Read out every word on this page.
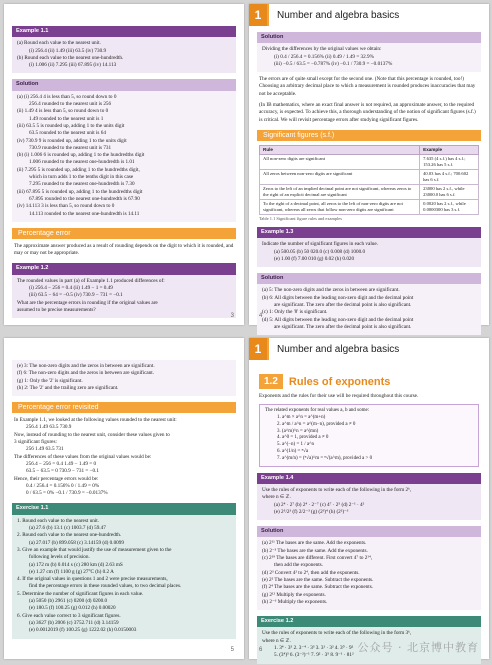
Example 1.1
(a) Round each value to the nearest unit.
(i) 256.4 (ii) 1.49 (iii) 63.5 (iv) 730.9
(b) Round each value to the nearest one-hundredth.
(i) 1.006 (ii) 7.295 (iii) 67.895 (iv) 14.113
Solution
(a) (i) 256.4 4 is less than 5, so round down to 0
256.4 rounded to the nearest unit is 256
(ii) 1.49 4 is less than 5, so round down to 0
1.49 rounded to the nearest unit is 1
(iii) 63.5 5 is rounded up, adding 1 to the units digit
63.5 rounded to the nearest unit is 64
(iv) 730.9 9 is rounded up, adding 1 to the units digit
730.9 rounded to the nearest unit is 731
(b) (i) 1.006 6 is rounded up, adding 1 to the hundredths digit
1.006 rounded to the nearest one-hundredth is 1.01
(ii) 7.295 5 is rounded up, adding 1 to the hundredths digit,
which in turn adds 1 to the tenths digit in this case
7.295 rounded to the nearest one-hundredth is 7.30
(iii) 67.895 5 is rounded up, adding 1 to the hundredths digit
67.895 rounded to the nearest one-hundredth is 67.90
(iv) 14.113 3 is less than 5, so round down to 0
14.113 rounded to the nearest one-hundredth is 14.11
Percentage error
The approximate answer produced as a result of rounding depends on the digit to which it is rounded, and may or may not be appropriate.
Example 1.2
The rounded values in part (a) of Example 1.1 produced differences of:
(i) 256.4 − 256 = 0.4 (ii) 1.49 − 1 = 0.49
(iii) 63.5 − 64 = −0.5 (iv) 730.9 − 731 = −0.1
What are the percentage errors in rounding if the original values are
assumed to be precise measurements?
3
1	Number and algebra basics
Solution
Dividing the differences by the original values we obtain:
(i) 0.4 / 256.4 = 0.156% (ii) 0.49 / 1.49 = 32.9%
(iii) −0.5 / 63.5 = −0.787% (iv) −0.1 / 730.9 = −0.0137%
The errors are of quite small except for the second one. (Note that this percentage is rounded, too!) Choosing an arbitrary decimal place to which a measurement is rounded produces inaccuracies that may not be acceptable.
(In IB mathematics, where an exact final answer is not required, an approximate answer, to the required accuracy, is expected. To achieve this, a thorough understanding of the notion of significant figures (s.f.) is critical. We will revisit percentage errors after studying significant figures.
Significant figures (s.f.)
Rule	Example
All non-zero digits are significant	7.635 (4 s.f.) has 4 s.f.; 153.26 has 5 s.f.
All zeros between non-zero digits are significant	40.03 has 4 s.f.; 700.602 has 6 s.f.
Zeros to the left of an implied decimal point are not significant, whereas zeros to the right of an explicit decimal are significant	23000 has 2 s.f., while 23000.0 has 6 s.f.
To the right of a decimal point, all zeros to the left of non-zero digits are not significant, whereas all zeros that follow non-zero digits are significant	0.0020 has 2 s.f., while 0.0000300 has 3 s.f.
Table 1.1 Significant figure rules and examples
Example 1.3
Indicate the number of significant figures in each value.
(a) 500.05 (b) 50 020.0 (c) 0.008 (d) 1000.0
(e) 1.00 (f) 7.00 010 (g) 0.02 (h) 0.020
Solution
(a) 5: The non-zero digits and the zeros in between are significant.
(b) 6: All digits between the leading non-zero digit and the decimal point
are significant. The zero after the decimal point is also significant.
(c) 1: Only the '8' is significant.
(d) 5: All digits between the leading non-zero digit and the decimal point
are significant. The zero after the decimal point is also significant.
4
(e) 3: The non-zero digits and the zeros in between are significant.
(f) 6: The non-zero digits and the zeros in between are significant.
(g) 1: Only the '2' is significant.
(h) 2: The '2' and the trailing zero are significant.
Percentage error revisited
In Example 1.1, we looked at the following values rounded to the nearest unit:
256.4 1.49 63.5 730.9
Now, instead of rounding to the nearest unit, consider these values given to
3 significant figures:
256 1.49 63.5 731
The differences of these values from the original values would be:
256.4 − 256 = 0.4 1.49 − 1.49 = 0
63.5 − 63.5 = 0 730.9 − 731 = −0.1
Hence, their percentage errors would be:
0.4 / 256.4 = 0.156% 0 / 1.49 = 0%
0 / 63.5 = 0% −0.1 / 730.9 = −0.0137%
Exercise 1.1
1. Round each value to the nearest unit.
(a) 27.6 (b) 13.1 (c) 1003.7 (d) 59.47
2. Round each value to the nearest one-hundredth.
(a) 27.017 (b) 899.058 (c) 3.14159 (d) 0.0099
3. Give an example that would justify the use of measurement given to the
following levels of precision.
(a) 172 m (b) 0.014 s (c) 280 km (d) 2.63 mS
(e) 1.27 cm (f) 1100 g (g) 27°C (h) 0.2 A
4. If the original values in questions 1 and 2 were precise measurements,
find the percentage errors in these rounded values, to two decimal places.
5. Determine the number of significant figures in each value.
(a) 5050 (b) 2961 (c) 0200 (d) 0200.0
(e) 180.5 (f) 100.25 (g) 0.012 (h) 0.00020
6. Give each value correct to 3 significant figures.
(a) 3627 (b) 2006 (c) 3752.711 (d) 3.14159
(e) 0.0012019 (f) 100.25 (g) 1222.02 (h) 0.0150003
5
1	Number and algebra basics
1.2	Rules of exponents
Exponents and the rules for their use will be required throughout this course.
The related exponents for real values a, b and some:
1. a^m × a^n = a^(m+n)
2. a^m / a^n = a^(m−n), provided a ≠ 0
3. (a^m)^n = a^(mn)
4. a^0 = 1, provided a ≠ 0
5. a^(−n) = 1 / a^n
6. a^(1/n) = ⁿ√a
7. a^(m/n) = (ⁿ√a)^m = ⁿ√(a^m), provided a > 0
Example 1.4
Use the rules of exponents to write each of the following in the form 2ᵏ,
where n ∈ ℤ.
(a) 2⁴ · 2⁷ (b) 2⁴ · 2⁻⁷ (c) 4⁷ · 2⁵ (d) 2⁻¹ · 4²
(e) 2⁵/2³ (f) 2/2⁻³ (g) (2³)⁴ (h) (2²)⁻³
Solution
(a) 2¹¹ The bases are the same. Add the exponents.
(b) 2⁻³ The bases are the same. Add the exponents.
(c) 2¹⁹ The bases are different. First convert 4⁷ to 2¹⁴,
then add the exponents.
(d) 2³ Convert 4² to 2⁴, then add the exponents.
(e) 2² The bases are the same. Subtract the exponents.
(f) 2⁴ The bases are the same. Subtract the exponents.
(g) 2¹² Multiply the exponents.
(h) 2⁻⁶ Multiply the exponents.
Exercise 1.2
Use the rules of exponents to write each of the following in the form 3ᵏ,
where n ∈ ℤ.
1. 3⁴ · 3⁵ 2. 3⁻⁴ · 3³ 3. 3¹ · 3² 4. 3⁰ · 9²
5. (3⁴)³ 6. (3⁻²)⁻¹ 7. 9² · 3⁵ 8. 9⁻¹ · 81²
6	公众号 · 北京博中教育
